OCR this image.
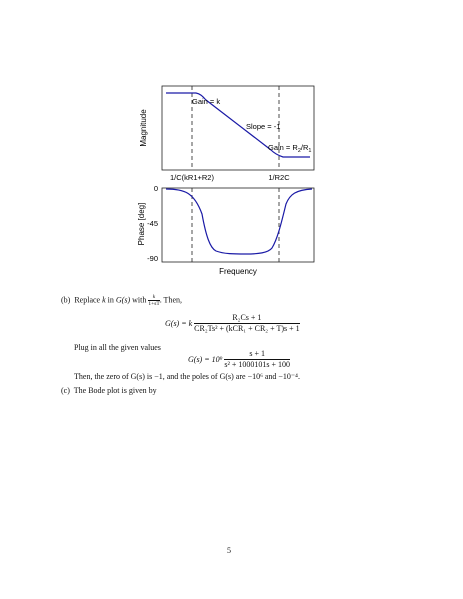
Magnitude
Gain = k
Slope = -1
Gain = $R_2/R_1$
1/C(kR1+R2)	1/R2C
Phase [deg]
0
-45
-90
Frequency
(b) Replace k in G(s) with $\frac{k}{1+sT}$ . Then,
G(s) = k
R₂Cs + 1
CR₂Ts² + (kCR₁ + CR₂ + T)s + 1
Plug in all the given values
$G(s) = 10^9 \frac{s + 1}{\text{s² + 1000101s + 100}}$
Then, the zero of G(s) is −1, and the poles of G(s) are −10⁶ and −10⁻⁴.
(c) The Bode plot is given by
5
